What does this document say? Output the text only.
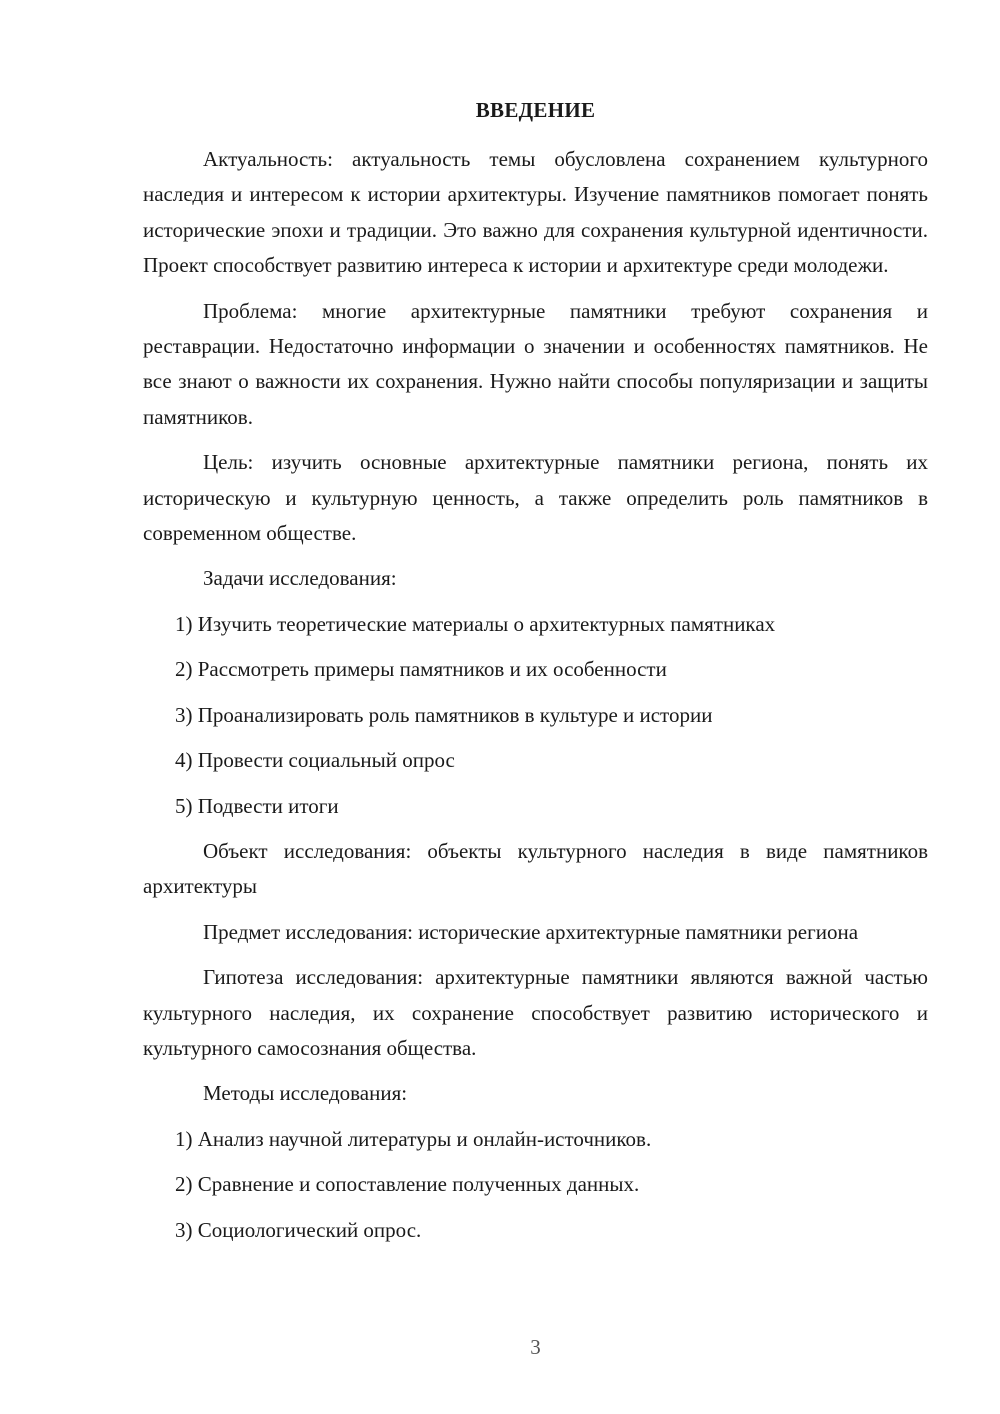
ВВЕДЕНИЕ

Актуальность: актуальность темы обусловлена сохранением культурного наследия и интересом к истории архитектуры. Изучение памятников помогает понять исторические эпохи и традиции. Это важно для сохранения культурной идентичности. Проект способствует развитию интереса к истории и архитектуре среди молодежи.

Проблема: многие архитектурные памятники требуют сохранения и реставрации. Недостаточно информации о значении и особенностях памятников. Не все знают о важности их сохранения. Нужно найти способы популяризации и защиты памятников.

Цель: изучить основные архитектурные памятники региона, понять их историческую и культурную ценность, а также определить роль памятников в современном обществе.

Задачи исследования:

1) Изучить теоретические материалы о архитектурных памятниках

2) Рассмотреть примеры памятников и их особенности

3) Проанализировать роль памятников в культуре и истории

4) Провести социальный опрос

5) Подвести итоги

Объект исследования: объекты культурного наследия в виде памятников архитектуры

Предмет исследования: исторические архитектурные памятники региона

Гипотеза исследования: архитектурные памятники являются важной частью культурного наследия, их сохранение способствует развитию исторического и культурного самосознания общества.

Методы исследования:

1) Анализ научной литературы и онлайн-источников.

2) Сравнение и сопоставление полученных данных.

3) Социологический опрос.

3
